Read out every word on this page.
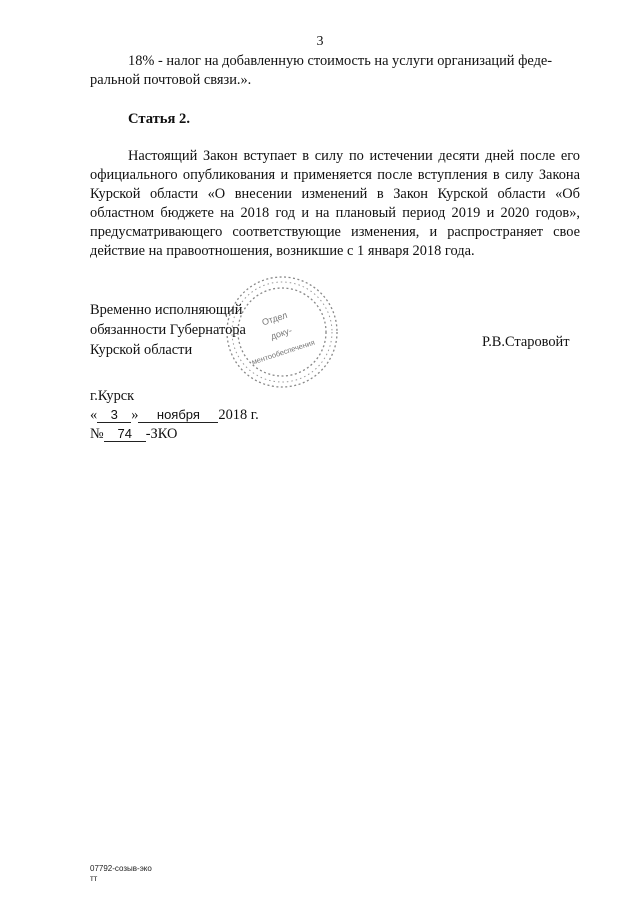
3
18% - налог на добавленную стоимость на услуги организаций феде-
ральной почтовой связи.».
Статья 2.
Настоящий Закон вступает в силу по истечении десяти дней после его официального опубликования и применяется после вступления в силу Закона Курской области «О внесении изменений в Закон Курской области «Об областном бюджете на 2018 год и на плановый период 2019 и 2020 годов», предусматривающего соответствующие изменения, и распространяет свое действие на правоотношения, возникшие с 1 января 2018 года.
Отдел
доку-
ментообеспечения
Временно исполняющий
обязанности Губернатора
Курской области	Р.В.Старовойт
г.Курск
« 3 » ноября 2018 г.
№ 74 -ЗКО
07792-созыв-эко
тт
